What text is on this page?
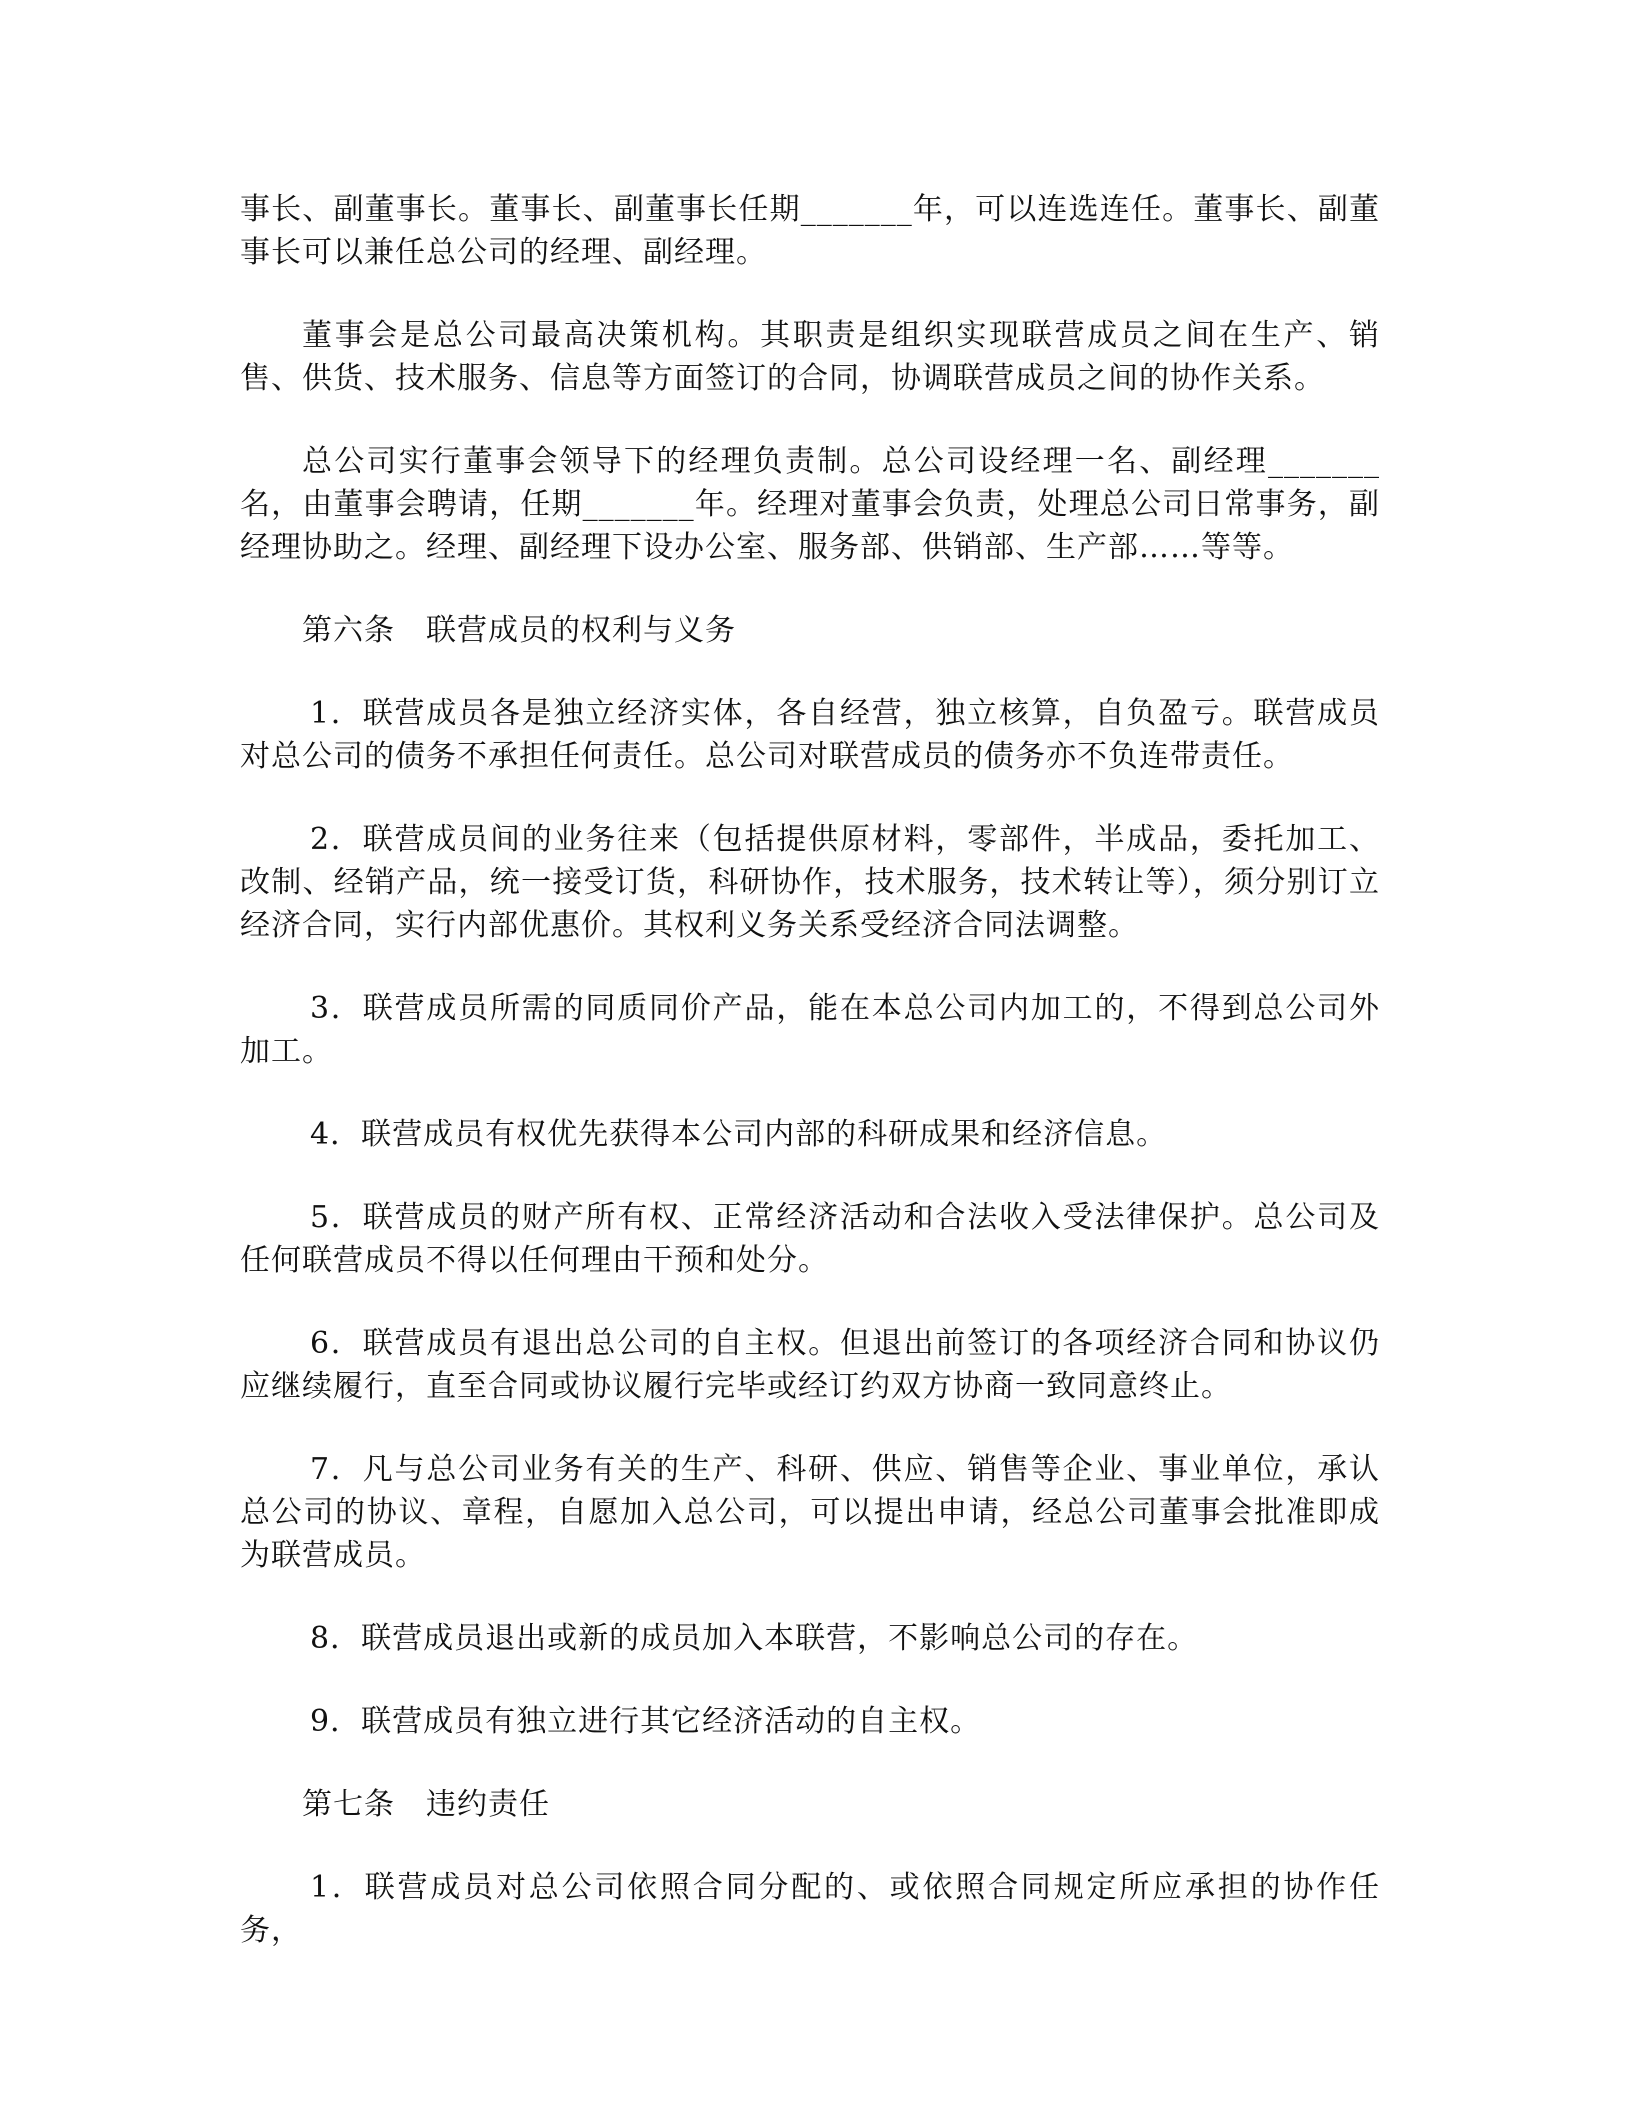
事长、副董事长。董事长、副董事长任期_______年，可以连选连任。董事长、副董事长可以兼任总公司的经理、副经理。

董事会是总公司最高决策机构。其职责是组织实现联营成员之间在生产、销售、供货、技术服务、信息等方面签订的合同，协调联营成员之间的协作关系。

总公司实行董事会领导下的经理负责制。总公司设经理一名、副经理_______名，由董事会聘请，任期_______年。经理对董事会负责，处理总公司日常事务，副经理协助之。经理、副经理下设办公室、服务部、供销部、生产部……等等。

第六条　联营成员的权利与义务

1．联营成员各是独立经济实体，各自经营，独立核算，自负盈亏。联营成员对总公司的债务不承担任何责任。总公司对联营成员的债务亦不负连带责任。

2．联营成员间的业务往来（包括提供原材料，零部件，半成品，委托加工、改制、经销产品，统一接受订货，科研协作，技术服务，技术转让等），须分别订立经济合同，实行内部优惠价。其权利义务关系受经济合同法调整。

3．联营成员所需的同质同价产品，能在本总公司内加工的，不得到总公司外加工。

4．联营成员有权优先获得本公司内部的科研成果和经济信息。

5．联营成员的财产所有权、正常经济活动和合法收入受法律保护。总公司及任何联营成员不得以任何理由干预和处分。

6．联营成员有退出总公司的自主权。但退出前签订的各项经济合同和协议仍应继续履行，直至合同或协议履行完毕或经订约双方协商一致同意终止。

7．凡与总公司业务有关的生产、科研、供应、销售等企业、事业单位，承认总公司的协议、章程，自愿加入总公司，可以提出申请，经总公司董事会批准即成为联营成员。

8．联营成员退出或新的成员加入本联营，不影响总公司的存在。

9．联营成员有独立进行其它经济活动的自主权。

第七条　违约责任

1．联营成员对总公司依照合同分配的、或依照合同规定所应承担的协作任务，
